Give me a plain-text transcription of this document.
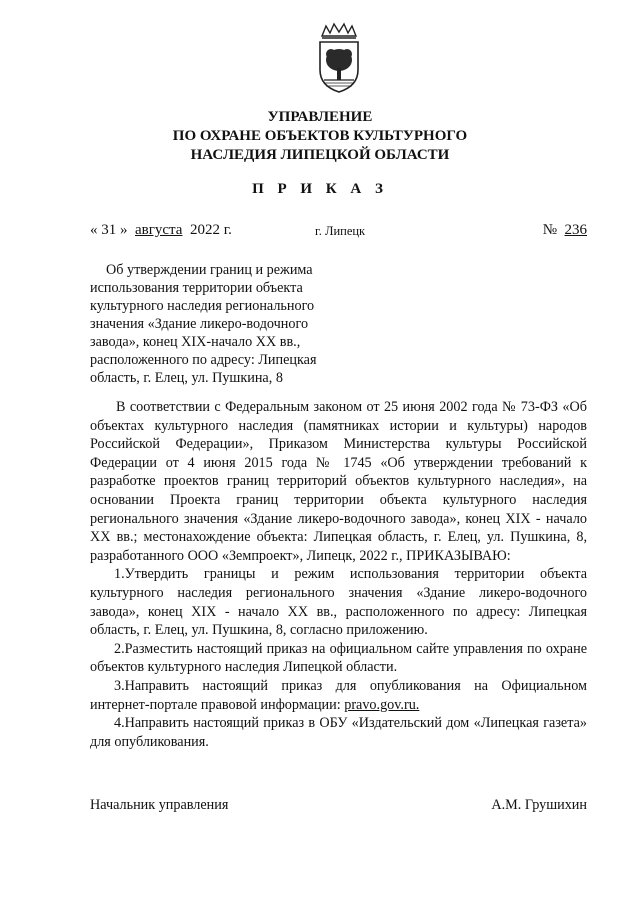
УПРАВЛЕНИЕ
ПО ОХРАНЕ ОБЪЕКТОВ КУЛЬТУРНОГО
НАСЛЕДИЯ ЛИПЕЦКОЙ ОБЛАСТИ
П Р И К А З
« 31 » августа 2022 г.	г. Липецк	№ 236

Об утверждении границ и режима использования территории объекта культурного наследия регионального значения «Здание ликеро-водочного завода», конец XIX-начало XX вв., расположенного по адресу: Липецкая область, г. Елец, ул. Пушкина, 8

В соответствии с Федеральным законом от 25 июня 2002 года № 73-ФЗ «Об объектах культурного наследия (памятниках истории и культуры) народов Российской Федерации», Приказом Министерства культуры Российской Федерации от 4 июня 2015 года № 1745 «Об утверждении требований к разработке проектов границ территорий объектов культурного наследия», на основании Проекта границ территории объекта культурного наследия регионального значения «Здание ликеро-водочного завода», конец XIX - начало XX вв.; местонахождение объекта: Липецкая область, г. Елец, ул. Пушкина, 8, разработанного ООО «Земпроект», Липецк, 2022 г., ПРИКАЗЫВАЮ:

1.Утвердить границы и режим использования территории объекта культурного наследия регионального значения «Здание ликеро-водочного завода», конец XIX - начало XX вв., расположенного по адресу: Липецкая область, г. Елец, ул. Пушкина, 8, согласно приложению.

2.Разместить настоящий приказ на официальном сайте управления по охране объектов культурного наследия Липецкой области.

3.Направить настоящий приказ для опубликования на Официальном интернет-портале правовой информации: pravo.gov.ru.

4.Направить настоящий приказ в ОБУ «Издательский дом «Липецкая газета» для опубликования.

Начальник управления	А.М. Грушихин
